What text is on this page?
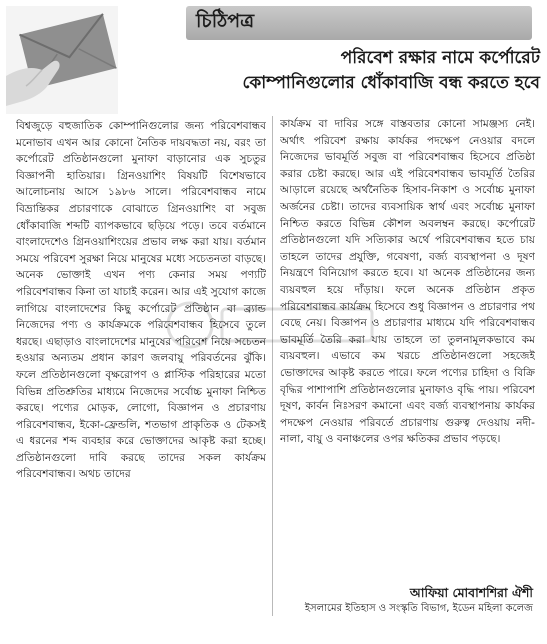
চিঠিপত্র
পরিবেশ রক্ষার নামে কর্পোরেট
কোম্পানিগুলোর ধোঁকাবাজি বন্ধ করতে হবে
বিশ্বজুড়ে বহুজাতিক কোম্পানিগুলোর জন্য পরিবেশবান্ধব মনোভাব এখন আর কোনো নৈতিক দায়বদ্ধতা নয়, বরং তা কর্পোরেট প্রতিষ্ঠানগুলো মুনাফা বাড়ানোর এক সুচতুর বিজ্ঞাপনী হাতিয়ার। গ্রিনওয়াশিং বিষয়টি বিশেষভাবে আলোচনায় আসে ১৯৮৬ সালে। পরিবেশবান্ধব নামে বিভ্রান্তিকর প্রচারণাকে বোঝাতে গ্রিনওয়াশিং বা সবুজ ধোঁকাবাজি শব্দটি ব্যাপকভাবে ছড়িয়ে পড়ে। তবে বর্তমানে বাংলাদেশেও গ্রিনওয়াশিংয়ের প্রভাব লক্ষ করা যায়। বর্তমান সময়ে পরিবেশ সুরক্ষা নিয়ে মানুষের মধ্যে সচেতনতা বাড়ছে। অনেক ভোক্তাই এখন পণ্য কেনার সময় পণ্যটি পরিবেশবান্ধব কিনা তা যাচাই করেন। আর এই সুযোগ কাজে লাগিয়ে বাংলাদেশের কিছু কর্পোরেট প্রতিষ্ঠান বা ব্র্যান্ড নিজেদের পণ্য ও কার্যক্রমকে পরিবেশবান্ধব হিসেবে তুলে ধরছে। এছাড়াও বাংলাদেশের মানুষের পরিবেশ নিয়ে সচেতন হওয়ার অন্যতম প্রধান কারণ জলবায়ু পরিবর্তনের ঝুঁকি। ফলে প্রতিষ্ঠানগুলো বৃক্ষরোপণ ও প্লাস্টিক পরিহারের মতো বিভিন্ন প্রতিশ্রুতির মাধ্যমে নিজেদের সর্বোচ্চ মুনাফা নিশ্চিত করছে। পণ্যের মোড়ক, লোগো, বিজ্ঞাপন ও প্রচারণায় পরিবেশবান্ধব, ইকো-ফ্রেন্ডলি, শতভাগ প্রাকৃতিক ও টেকসই এ ধরনের শব্দ ব্যবহার করে ভোক্তাদের আকৃষ্ট করা হচ্ছে। প্রতিষ্ঠানগুলো দাবি করছে তাদের সকল কার্যক্রম পরিবেশবান্ধব। অথচ তাদের
কার্যক্রম বা দাবির সঙ্গে বাস্তবতার কোনো সামঞ্জস্য নেই। অর্থাৎ পরিবেশ রক্ষায় কার্যকর পদক্ষেপ নেওয়ার বদলে নিজেদের ভাবমূর্তি সবুজ বা পরিবেশবান্ধব হিসেবে প্রতিষ্ঠা করার চেষ্টা করছে। আর এই পরিবেশবান্ধব ভাবমূর্তি তৈরির আড়ালে রয়েছে অর্থনৈতিক হিসাব-নিকাশ ও সর্বোচ্চ মুনাফা অর্জনের চেষ্টা। তাদের ব্যবসায়িক স্বার্থ এবং সর্বোচ্চ মুনাফা নিশ্চিত করতে বিভিন্ন কৌশল অবলম্বন করছে। কর্পোরেট প্রতিষ্ঠানগুলো যদি সত্যিকার অর্থে পরিবেশবান্ধব হতে চায় তাহলে তাদের প্রযুক্তি, গবেষণা, বর্জ্য ব্যবস্থাপনা ও দূষণ নিয়ন্ত্রণে বিনিয়োগ করতে হবে। যা অনেক প্রতিষ্ঠানের জন্য ব্যয়বহুল হয়ে দাঁড়ায়। ফলে অনেক প্রতিষ্ঠান প্রকৃত পরিবেশবান্ধব কার্যক্রম হিসেবে শুধু বিজ্ঞাপন ও প্রচারণার পথ বেছে নেয়। বিজ্ঞাপন ও প্রচারণার মাধ্যমে যদি পরিবেশবান্ধব ভাবমূর্তি তৈরি করা যায় তাহলে তা তুলনামূলকভাবে কম ব্যয়বহুল। এভাবে কম খরচে প্রতিষ্ঠানগুলো সহজেই ভোক্তাদের আকৃষ্ট করতে পারে। ফলে পণ্যের চাহিদা ও বিক্রি বৃদ্ধির পাশাপাশি প্রতিষ্ঠানগুলোর মুনাফাও বৃদ্ধি পায়। পরিবেশ দূষণ, কার্বন নিঃসরণ কমানো এবং বর্জ্য ব্যবস্থাপনায় কার্যকর পদক্ষেপ নেওয়ার পরিবর্তে প্রচারণায় গুরুত্ব দেওয়ায় নদী-নালা, বায়ু ও বনাঞ্চলের ওপর ক্ষতিকর প্রভাব পড়ছে।
আফিয়া মোবাশশিরা ঐশী
ইসলামের ইতিহাস ও সংস্কৃতি বিভাগ, ইডেন মহিলা কলেজ
